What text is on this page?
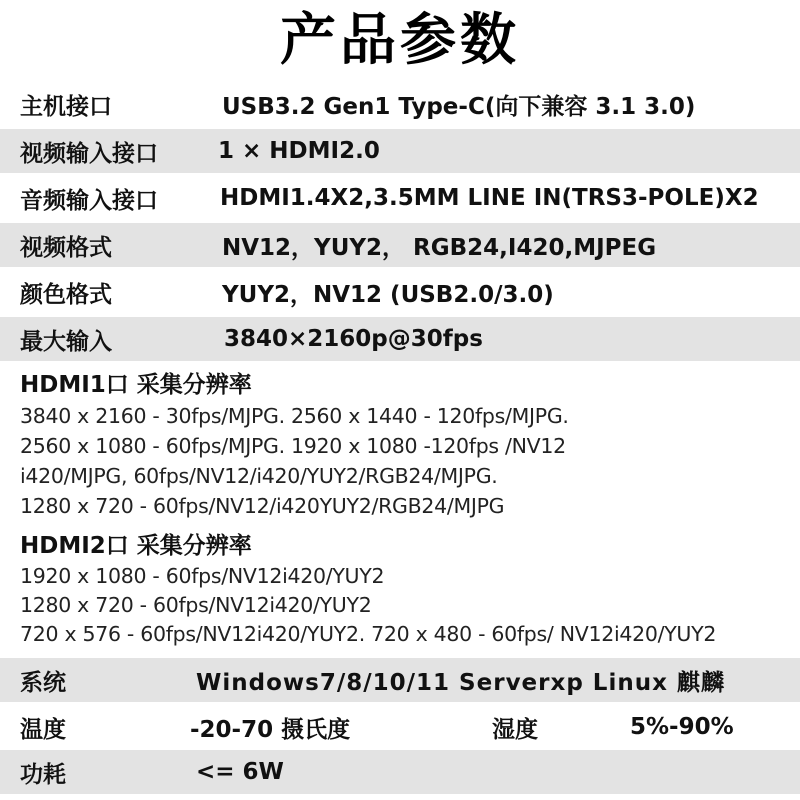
产品参数
主机接口	USB3.2 Gen1 Type-C(向下兼容 3.1 3.0)
视频输入接口	1 × HDMI2.0
音频输入接口	HDMI1.4X2,3.5MM LINE IN(TRS3-POLE)X2
视频格式	NV12，YUY2， RGB24,I420,MJPEG
颜色格式	YUY2，NV12 (USB2.0/3.0)
最大输入	3840×2160p@30fps
HDMI1口 采集分辨率
3840 x 2160 - 30fps/MJPG. 2560 x 1440 - 120fps/MJPG.
2560 x 1080 - 60fps/MJPG. 1920 x 1080 -120fps /NV12
i420/MJPG, 60fps/NV12/i420/YUY2/RGB24/MJPG.
1280 x 720 - 60fps/NV12/i420YUY2/RGB24/MJPG
HDMI2口 采集分辨率
1920 x 1080 - 60fps/NV12i420/YUY2
1280 x 720 - 60fps/NV12i420/YUY2
720 x 576 - 60fps/NV12i420/YUY2. 720 x 480 - 60fps/ NV12i420/YUY2
系统	Windows7/8/10/11 Serverxp Linux 麒麟
温度	-20-70 摄氏度	湿度	5%-90%
功耗	<= 6W
